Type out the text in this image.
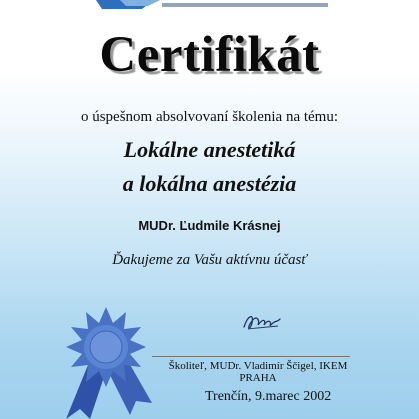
Certifikát
o úspešnom absolvovaní školenia na tému:
Lokálne anestetiká
a lokálna anestézia
MUDr. Ľudmile Krásnej
Ďakujeme za Vašu aktívnu účasť
Školiteľ, MUDr. Vladimír Ščigel, IKEM PRAHA
Trenčín, 9.marec 2002
